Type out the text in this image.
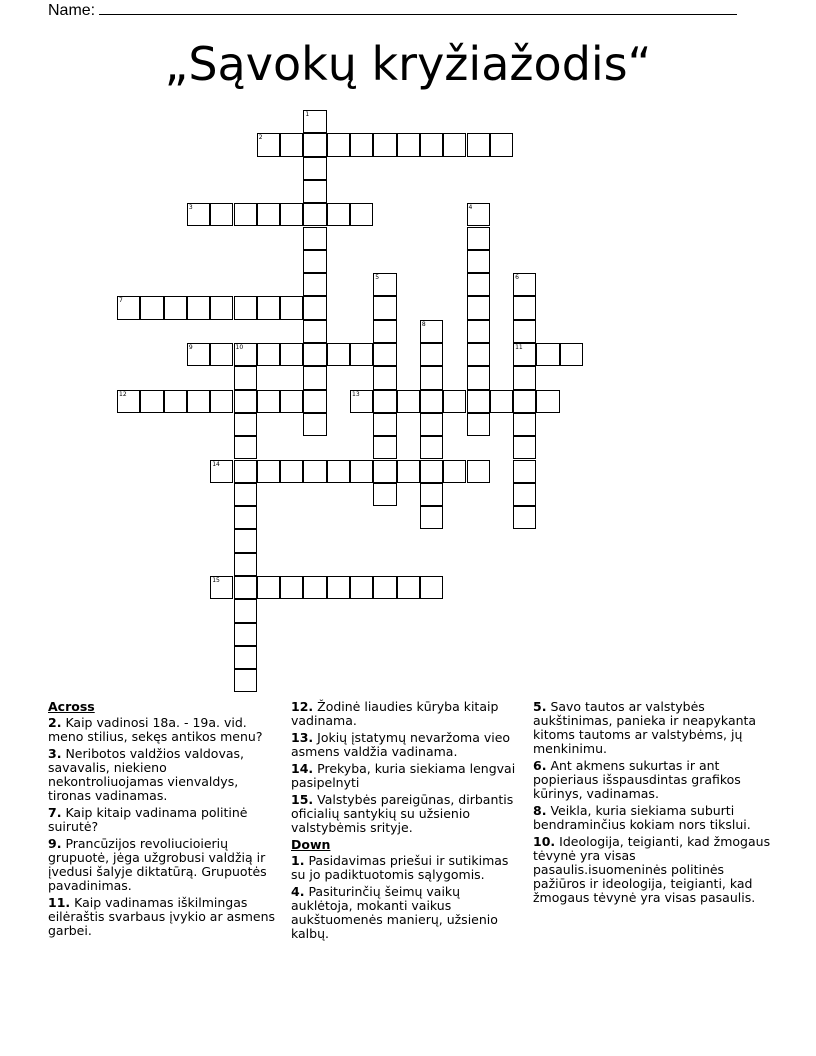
Name:
„Sąvokų kryžiažodis“
1
2
3	4
5	6
11
7
8
9	10
12	13
14
15
Across

2. Kaip vadinosi 18a. - 19a. vid. meno stilius, sekęs antikos menu?

3. Neribotos valdžios valdovas, savavalis, niekieno nekontroliuojamas vienvaldys, tironas vadinamas.

7. Kaip kitaip vadinama politinė suirutė?

9. Prancūzijos revoliucioierių grupuotė, jėga užgrobusi valdžią ir įvedusi šalyje diktatūrą. Grupuotės pavadinimas.

11. Kaip vadinamas iškilmingas eilėraštis svarbaus įvykio ar asmens garbei.

12. Žodinė liaudies kūryba kitaip vadinama.

13. Jokių įstatymų nevaržoma vieo asmens valdžia vadinama.

14. Prekyba, kuria siekiama lengvai pasipelnyti

15. Valstybės pareigūnas, dirbantis oficialių santykių su užsienio valstybėmis srityje.

Down

1. Pasidavimas priešui ir sutikimas su jo padiktuotomis sąlygomis.

4. Pasiturinčių šeimų vaikų auklėtoja, mokanti vaikus aukštuomenės manierų, užsienio kalbų.

5. Savo tautos ar valstybės aukštinimas, panieka ir neapykanta kitoms tautoms ar valstybėms, jų menkinimu.

6. Ant akmens sukurtas ir ant popieriaus išspausdintas grafikos kūrinys, vadinamas.

8. Veikla, kuria siekiama suburti bendraminčius kokiam nors tikslui.

10. Ideologija, teigianti, kad žmogaus tėvynė yra visas pasaulis.isuomeninės politinės pažiūros ir ideologija, teigianti, kad žmogaus tėvynė yra visas pasaulis.
